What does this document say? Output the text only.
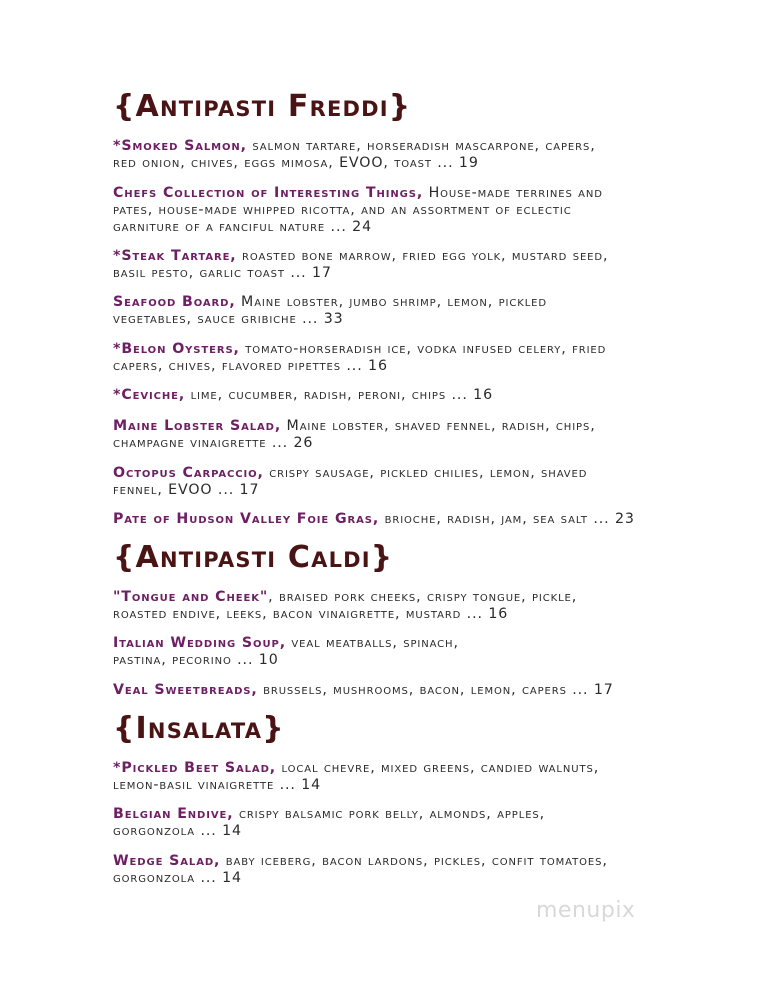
{Antipasti Freddi}
*Smoked Salmon, salmon tartare, horseradish mascarpone, capers,
red onion, chives, eggs mimosa, EVOO, toast ... 19
Chefs Collection of Interesting Things, House-made terrines and
pates, house-made whipped ricotta, and an assortment of eclectic
garniture of a fanciful nature ... 24
*Steak Tartare, roasted bone marrow, fried egg yolk, mustard seed,
basil pesto, garlic toast ... 17
Seafood Board, Maine lobster, jumbo shrimp, lemon, pickled
vegetables, sauce gribiche ... 33
*Belon Oysters, tomato-horseradish ice, vodka infused celery, fried
capers, chives, flavored pipettes ... 16
*Ceviche, lime, cucumber, radish, peroni, chips ... 16
Maine Lobster Salad, Maine lobster, shaved fennel, radish, chips,
champagne vinaigrette ... 26
Octopus Carpaccio, crispy sausage, pickled chilies, lemon, shaved
fennel, EVOO ... 17
Pate of Hudson Valley Foie Gras, brioche, radish, jam, sea salt ... 23
{Antipasti Caldi}
"Tongue and Cheek", braised pork cheeks, crispy tongue, pickle,
roasted endive, leeks, bacon vinaigrette, mustard ... 16
Italian Wedding Soup, veal meatballs, spinach,
pastina, pecorino ... 10
Veal Sweetbreads, brussels, mushrooms, bacon, lemon, capers ... 17
{Insalata}
*Pickled Beet Salad, local chevre, mixed greens, candied walnuts,
lemon-basil vinaigrette ... 14
Belgian Endive, crispy balsamic pork belly, almonds, apples,
gorgonzola ... 14
Wedge Salad, baby iceberg, bacon lardons, pickles, confit tomatoes,
gorgonzola ... 14
menupix
